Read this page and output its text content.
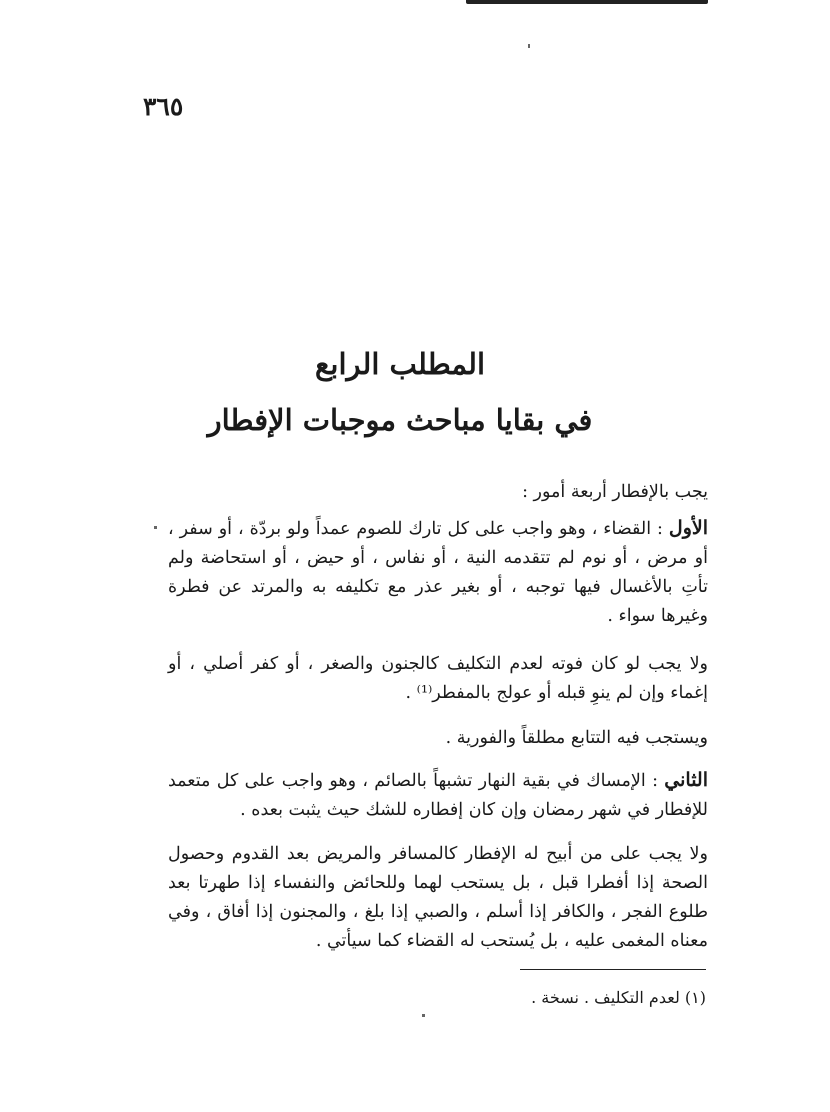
٣٦٥
المطلب الرابع
في بقايا مباحث موجبات الإفطار
يجب بالإفطار أربعة أمور :
الأول : القضاء ، وهو واجب على كل تارك للصوم عمداً ولو بردّة ، أو سفر ، أو مرض ، أو نوم لم تتقدمه النية ، أو نفاس ، أو حيض ، أو استحاضة ولم تأتِ بالأغسال فيها توجبه ، أو بغير عذر مع تكليفه به والمرتد عن فطرة وغيرها سواء .
ولا يجب لو كان فوته لعدم التكليف كالجنون والصغر ، أو كفر أصلي ، أو إغماء وإن لم ينوِ قبله أو عولج بالمفطر⁽¹⁾ .
ويستجب فيه التتابع مطلقاً والفورية .
الثاني : الإمساك في بقية النهار تشبهاً بالصائم ، وهو واجب على كل متعمد للإفطار في شهر رمضان وإن كان إفطاره للشك حيث يثبت بعده .
ولا يجب على من أبيح له الإفطار كالمسافر والمريض بعد القدوم وحصول الصحة إذا أفطرا قبل ، بل يستحب لهما وللحائض والنفساء إذا طهرتا بعد طلوع الفجر ، والكافر إذا أسلم ، والصبي إذا بلغ ، والمجنون إذا أفاق ، وفي معناه المغمى عليه ، بل يُستحب له القضاء كما سيأتي .
(١) لعدم التكليف . نسخة .
